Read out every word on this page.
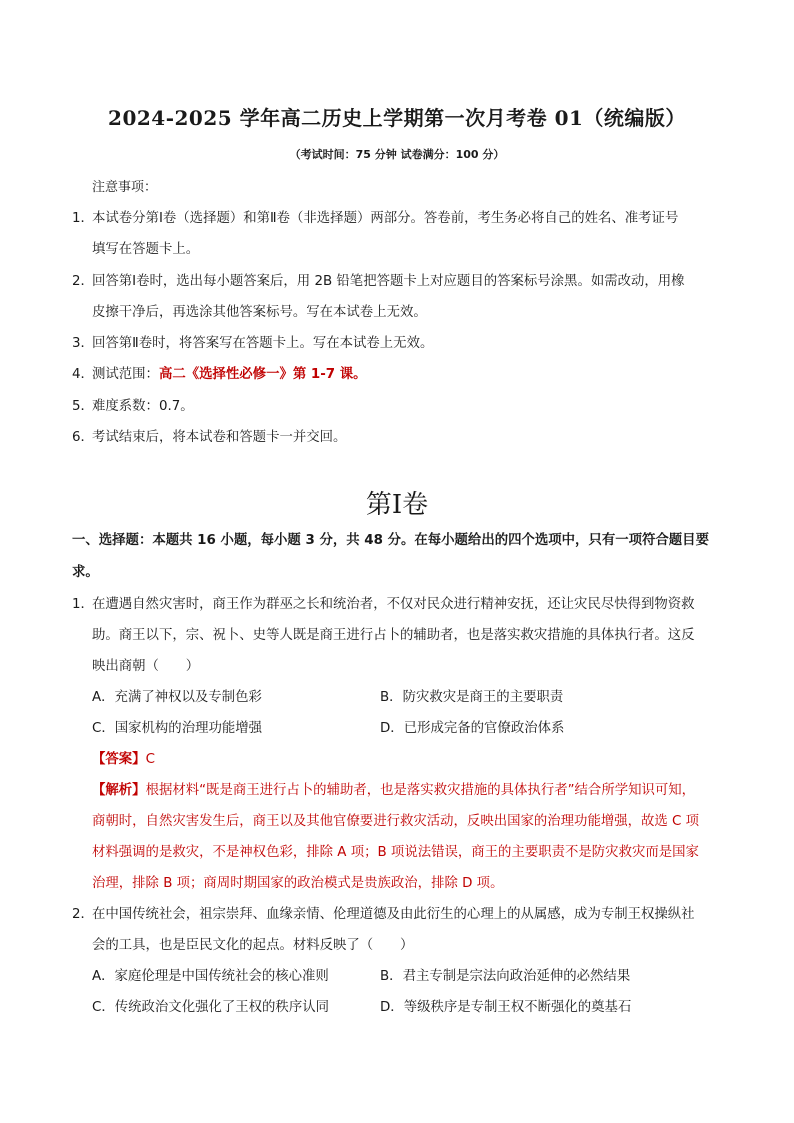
2024-2025 学年高二历史上学期第一次月考卷 01（统编版）
（考试时间：75 分钟 试卷满分：100 分）
注意事项：
1．
本试卷分第Ⅰ卷（选择题）和第Ⅱ卷（非选择题）两部分。答卷前，考生务必将自己的姓名、准考证号
填写在答题卡上。
2．
回答第Ⅰ卷时，选出每小题答案后，用 2B 铅笔把答题卡上对应题目的答案标号涂黑。如需改动，用橡
皮擦干净后，再选涂其他答案标号。写在本试卷上无效。
3．
回答第Ⅱ卷时，将答案写在答题卡上。写在本试卷上无效。
4．
测试范围：高二《选择性必修一》第 1-7 课。
5．
难度系数：0.7。
6．
考试结束后，将本试卷和答题卡一并交回。
第Ⅰ卷
一、选择题：本题共 16 小题，每小题 3 分，共 48 分。在每小题给出的四个选项中，只有一项符合题目要
求。
1．
在遭遇自然灾害时，商王作为群巫之长和统治者，不仅对民众进行精神安抚，还让灾民尽快得到物资救
助。商王以下，宗、祝卜、史等人既是商王进行占卜的辅助者，也是落实救灾措施的具体执行者。这反
映出商朝（　　）
A．充满了神权以及专制色彩	B．防灾救灾是商王的主要职责
C．国家机构的治理功能增强	D．已形成完备的官僚政治体系
【答案】C
【解析】根据材料“既是商王进行占卜的辅助者，也是落实救灾措施的具体执行者”结合所学知识可知，
商朝时，自然灾害发生后，商王以及其他官僚要进行救灾活动，反映出国家的治理功能增强，故选 C 项
材料强调的是救灾，不是神权色彩，排除 A 项；B 项说法错误，商王的主要职责不是防灾救灾而是国家
治理，排除 B 项；商周时期国家的政治模式是贵族政治，排除 D 项。
2．
在中国传统社会，祖宗崇拜、血缘亲情、伦理道德及由此衍生的心理上的从属感，成为专制王权操纵社
会的工具，也是臣民文化的起点。材料反映了（　　）
A．家庭伦理是中国传统社会的核心准则	B．君主专制是宗法向政治延伸的必然结果
C．传统政治文化强化了王权的秩序认同	D．等级秩序是专制王权不断强化的奠基石
